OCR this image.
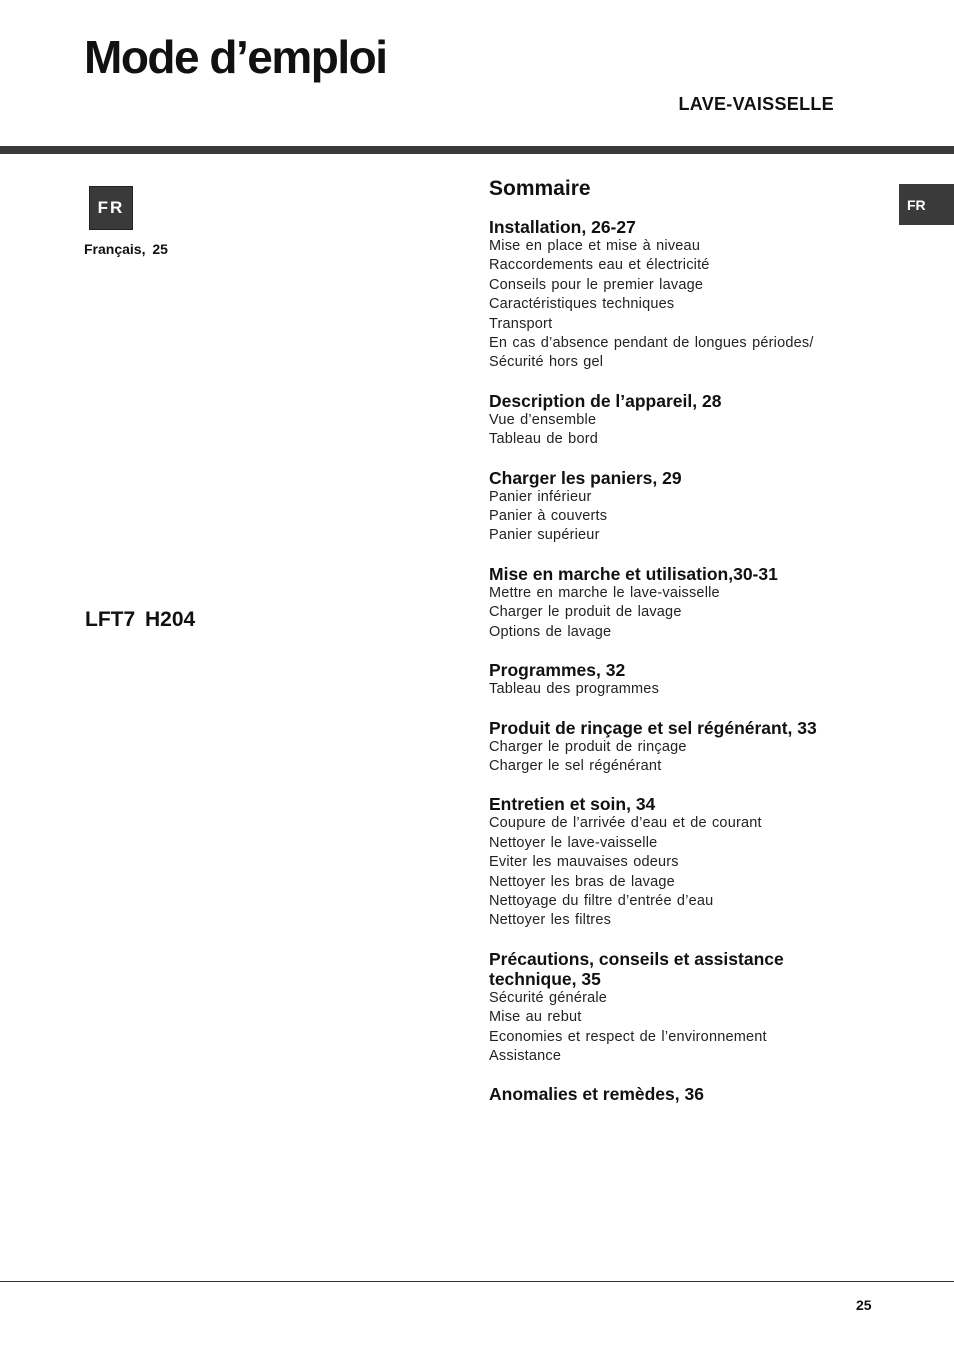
Mode d’emploi
LAVE-VAISSELLE
FR
Français, 25
LFT7 H204
FR
Sommaire
Installation, 26-27
Mise en place et mise à niveau
Raccordements eau et électricité
Conseils pour le premier lavage
Caractéristiques techniques
Transport
En cas d’absence pendant de longues périodes/
Sécurité hors gel
Description de l’appareil, 28
Vue d’ensemble
Tableau de bord
Charger les paniers, 29
Panier inférieur
Panier à couverts
Panier supérieur
Mise en marche et utilisation,30-31
Mettre en marche le lave-vaisselle
Charger le produit de lavage
Options de lavage
Programmes, 32
Tableau des programmes
Produit de rinçage et sel régénérant, 33
Charger le produit de rinçage
Charger le sel régénérant
Entretien et soin, 34
Coupure de l’arrivée d’eau et de courant
Nettoyer le lave-vaisselle
Eviter les mauvaises odeurs
Nettoyer les bras de lavage
Nettoyage du filtre d’entrée d’eau
Nettoyer les filtres
Précautions, conseils et assistance technique, 35
Sécurité générale
Mise au rebut
Economies et respect de l’environnement
Assistance
Anomalies et remèdes, 36
25
